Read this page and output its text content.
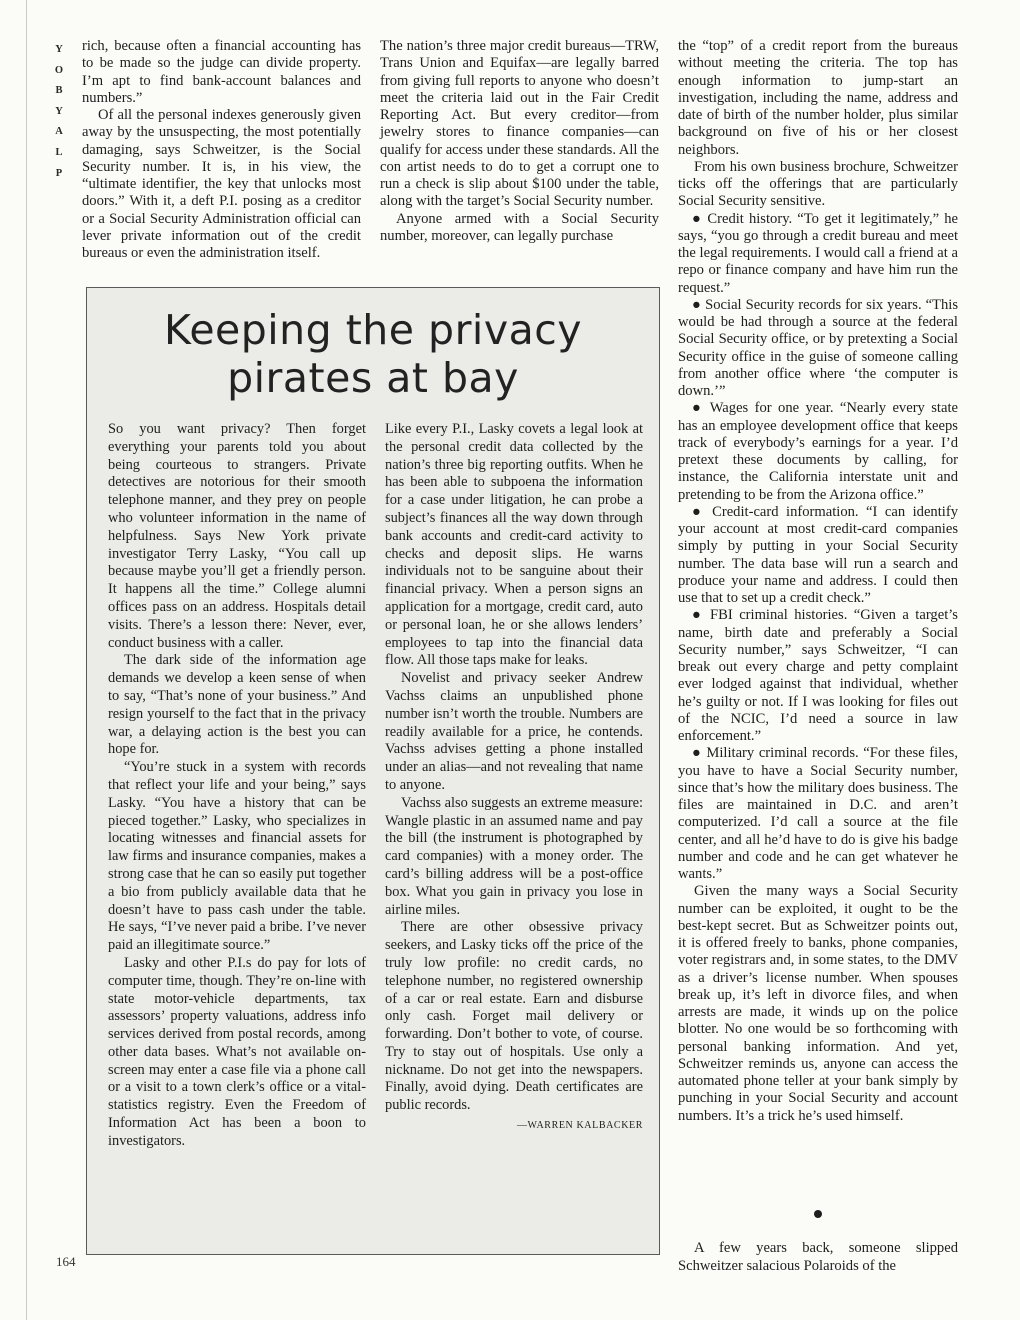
Y
O
B
Y
A
L
P

rich, because often a financial accounting has to be made so the judge can divide property. I’m apt to find bank-account balances and numbers.”

Of all the personal indexes generously given away by the unsuspecting, the most potentially damaging, says Schweitzer, is the Social Security number. It is, in his view, the “ultimate identifier, the key that unlocks most doors.” With it, a deft P.I. posing as a creditor or a Social Security Administration official can lever private information out of the credit bureaus or even the administration itself.

The nation’s three major credit bureaus—TRW, Trans Union and Equifax—are legally barred from giving full reports to anyone who doesn’t meet the criteria laid out in the Fair Credit Reporting Act. But every creditor—from jewelry stores to finance companies—can qualify for access under these standards. All the con artist needs to do to get a corrupt one to run a check is slip about $100 under the table, along with the target’s Social Security number.

Anyone armed with a Social Security number, moreover, can legally purchase

the “top” of a credit report from the bureaus without meeting the criteria. The top has enough information to jump-start an investigation, including the name, address and date of birth of the number holder, plus similar background on five of his or her closest neighbors.

From his own business brochure, Schweitzer ticks off the offerings that are particularly Social Security sensitive.

● Credit history. “To get it legitimately,” he says, “you go through a credit bureau and meet the legal requirements. I would call a friend at a repo or finance company and have him run the request.”

● Social Security records for six years. “This would be had through a source at the federal Social Security office, or by pretexting a Social Security office in the guise of someone calling from another office where ‘the computer is down.’”

● Wages for one year. “Nearly every state has an employee development office that keeps track of everybody’s earnings for a year. I’d pretext these documents by calling, for instance, the California interstate unit and pretending to be from the Arizona office.”

● Credit-card information. “I can identify your account at most credit-card companies simply by putting in your Social Security number. The data base will run a search and produce your name and address. I could then use that to set up a credit check.”

● FBI criminal histories. “Given a target’s name, birth date and preferably a Social Security number,” says Schweitzer, “I can break out every charge and petty complaint ever lodged against that individual, whether he’s guilty or not. If I was looking for files out of the NCIC, I’d need a source in law enforcement.”

● Military criminal records. “For these files, you have to have a Social Security number, since that’s how the military does business. The files are maintained in D.C. and aren’t computerized. I’d call a source at the file center, and all he’d have to do is give his badge number and code and he can get whatever he wants.”

Given the many ways a Social Security number can be exploited, it ought to be the best-kept secret. But as Schweitzer points out, it is offered freely to banks, phone companies, voter registrars and, in some states, to the DMV as a driver’s license number. When spouses break up, it’s left in divorce files, and when arrests are made, it winds up on the police blotter. No one would be so forthcoming with personal banking information. And yet, Schweitzer reminds us, anyone can access the automated phone teller at your bank simply by punching in your Social Security and account numbers. It’s a trick he’s used himself.

A few years back, someone slipped Schweitzer salacious Polaroids of the

Keeping the privacy
pirates at bay

So you want privacy? Then forget everything your parents told you about being courteous to strangers. Private detectives are notorious for their smooth telephone manner, and they prey on people who volunteer information in the name of helpfulness. Says New York private investigator Terry Lasky, “You call up because maybe you’ll get a friendly person. It happens all the time.” College alumni offices pass on an address. Hospitals detail visits. There’s a lesson there: Never, ever, conduct business with a caller.

The dark side of the information age demands we develop a keen sense of when to say, “That’s none of your business.” And resign yourself to the fact that in the privacy war, a delaying action is the best you can hope for.

“You’re stuck in a system with records that reflect your life and your being,” says Lasky. “You have a history that can be pieced together.” Lasky, who specializes in locating witnesses and financial assets for law firms and insurance companies, makes a strong case that he can so easily put together a bio from publicly available data that he doesn’t have to pass cash under the table. He says, “I’ve never paid a bribe. I’ve never paid an illegitimate source.”

Lasky and other P.I.s do pay for lots of computer time, though. They’re on-line with state motor-vehicle departments, tax assessors’ property valuations, address info services derived from postal records, among other data bases. What’s not available on-screen may enter a case file via a phone call or a visit to a town clerk’s office or a vital-statistics registry. Even the Freedom of Information Act has been a boon to investigators.

Like every P.I., Lasky covets a legal look at the personal credit data collected by the nation’s three big reporting outfits. When he has been able to subpoena the information for a case under litigation, he can probe a subject’s finances all the way down through bank accounts and credit-card activity to checks and deposit slips. He warns individuals not to be sanguine about their financial privacy. When a person signs an application for a mortgage, credit card, auto or personal loan, he or she allows lenders’ employees to tap into the financial data flow. All those taps make for leaks.

Novelist and privacy seeker Andrew Vachss claims an unpublished phone number isn’t worth the trouble. Numbers are readily available for a price, he contends. Vachss advises getting a phone installed under an alias—and not revealing that name to anyone.

Vachss also suggests an extreme measure: Wangle plastic in an assumed name and pay the bill (the instrument is photographed by card companies) with a money order. The card’s billing address will be a post-office box. What you gain in privacy you lose in airline miles.

There are other obsessive privacy seekers, and Lasky ticks off the price of the truly low profile: no credit cards, no telephone number, no registered ownership of a car or real estate. Earn and disburse only cash. Forget mail delivery or forwarding. Don’t bother to vote, of course. Try to stay out of hospitals. Use only a nickname. Do not get into the newspapers. Finally, avoid dying. Death certificates are public records.

—WARREN KALBACKER

164
